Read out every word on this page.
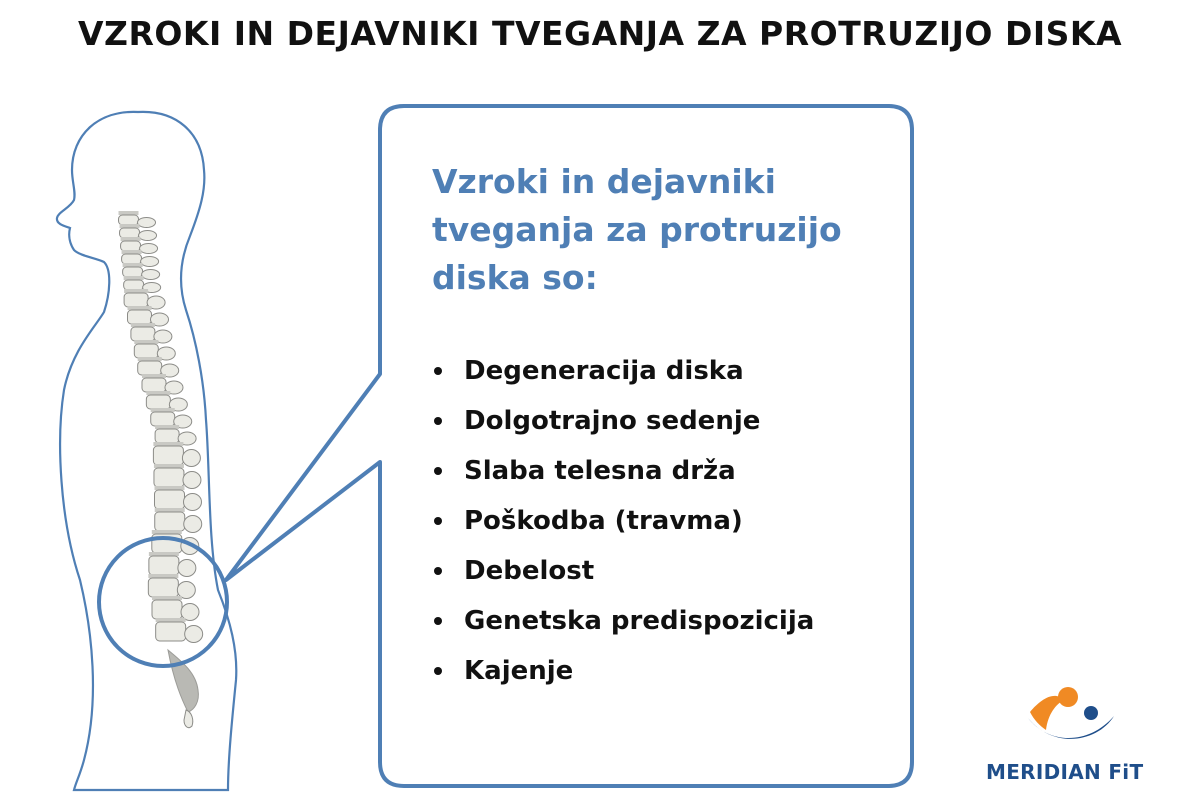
VZROKI IN DEJAVNIKI TVEGANJA ZA PROTRUZIJO DISKA
Vzroki in dejavniki tveganja za protruzijo diska so:
Degeneracija diska
Dolgotrajno sedenje
Slaba telesna drža
Poškodba (travma)
Debelost
Genetska predispozicija
Kajenje
MERIDIAN FiT
